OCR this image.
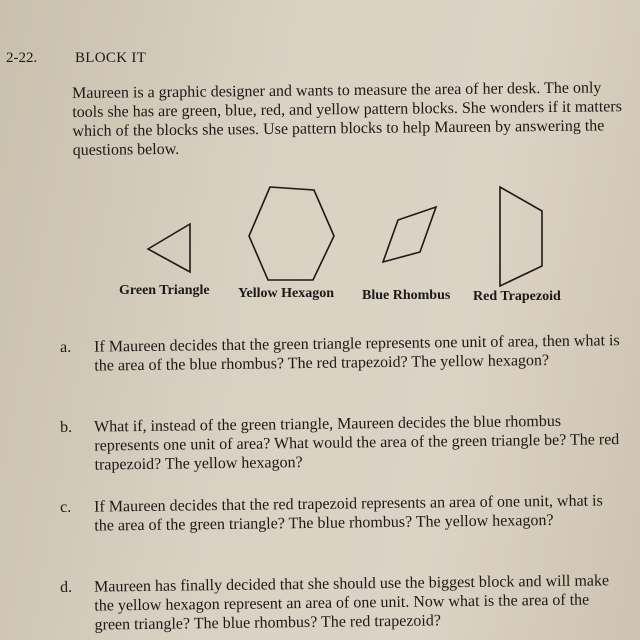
2-22.	BLOCK IT
Maureen is a graphic designer and wants to measure the area of her desk. The only tools she has are green, blue, red, and yellow pattern blocks. She wonders if it matters which of the blocks she uses. Use pattern blocks to help Maureen by answering the questions below.
Green Triangle Yellow Hexagon Blue Rhombus Red Trapezoid
a. If Maureen decides that the green triangle represents one unit of area, then what is the area of the blue rhombus? The red trapezoid? The yellow hexagon?
b. What if, instead of the green triangle, Maureen decides the blue rhombus represents one unit of area? What would the area of the green triangle be? The red trapezoid? The yellow hexagon?
c. If Maureen decides that the red trapezoid represents an area of one unit, what is the area of the green triangle? The blue rhombus? The yellow hexagon?
d. Maureen has finally decided that she should use the biggest block and will make the yellow hexagon represent an area of one unit. Now what is the area of the green triangle? The blue rhombus? The red trapezoid?
